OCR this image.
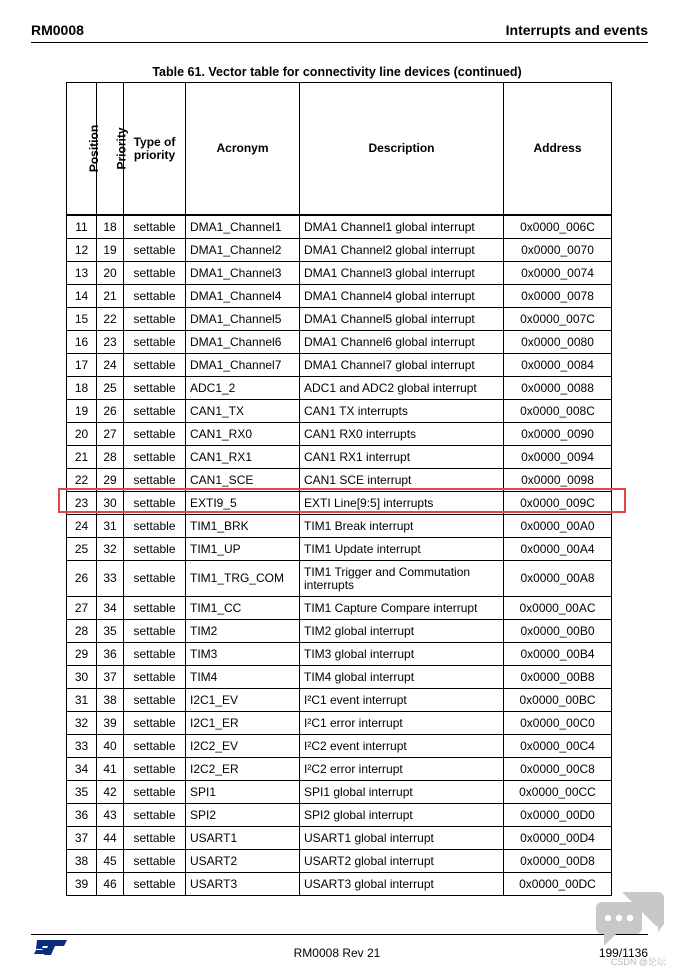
RM0008	Interrupts and events
Table 61. Vector table for connectivity line devices (continued)
Position	Priority	Type of priority	Acronym	Description	Address
11	18	settable	DMA1_Channel1	DMA1 Channel1 global interrupt	0x0000_006C
12	19	settable	DMA1_Channel2	DMA1 Channel2 global interrupt	0x0000_0070
13	20	settable	DMA1_Channel3	DMA1 Channel3 global interrupt	0x0000_0074
14	21	settable	DMA1_Channel4	DMA1 Channel4 global interrupt	0x0000_0078
15	22	settable	DMA1_Channel5	DMA1 Channel5 global interrupt	0x0000_007C
16	23	settable	DMA1_Channel6	DMA1 Channel6 global interrupt	0x0000_0080
17	24	settable	DMA1_Channel7	DMA1 Channel7 global interrupt	0x0000_0084
18	25	settable	ADC1_2	ADC1 and ADC2 global interrupt	0x0000_0088
19	26	settable	CAN1_TX	CAN1 TX interrupts	0x0000_008C
20	27	settable	CAN1_RX0	CAN1 RX0 interrupts	0x0000_0090
21	28	settable	CAN1_RX1	CAN1 RX1 interrupt	0x0000_0094
22	29	settable	CAN1_SCE	CAN1 SCE interrupt	0x0000_0098
23	30	settable	EXTI9_5	EXTI Line[9:5] interrupts	0x0000_009C
24	31	settable	TIM1_BRK	TIM1 Break interrupt	0x0000_00A0
25	32	settable	TIM1_UP	TIM1 Update interrupt	0x0000_00A4
26	33	settable	TIM1_TRG_COM	TIM1 Trigger and Commutation interrupts	0x0000_00A8
27	34	settable	TIM1_CC	TIM1 Capture Compare interrupt	0x0000_00AC
28	35	settable	TIM2	TIM2 global interrupt	0x0000_00B0
29	36	settable	TIM3	TIM3 global interrupt	0x0000_00B4
30	37	settable	TIM4	TIM4 global interrupt	0x0000_00B8
31	38	settable	I2C1_EV	I²C1 event interrupt	0x0000_00BC
32	39	settable	I2C1_ER	I²C1 error interrupt	0x0000_00C0
33	40	settable	I2C2_EV	I²C2 event interrupt	0x0000_00C4
34	41	settable	I2C2_ER	I²C2 error interrupt	0x0000_00C8
35	42	settable	SPI1	SPI1 global interrupt	0x0000_00CC
36	43	settable	SPI2	SPI2 global interrupt	0x0000_00D0
37	44	settable	USART1	USART1 global interrupt	0x0000_00D4
38	45	settable	USART2	USART2 global interrupt	0x0000_00D8
39	46	settable	USART3	USART3 global interrupt	0x0000_00DC
RM0008 Rev 21	199/1136
CSDN @论坛
